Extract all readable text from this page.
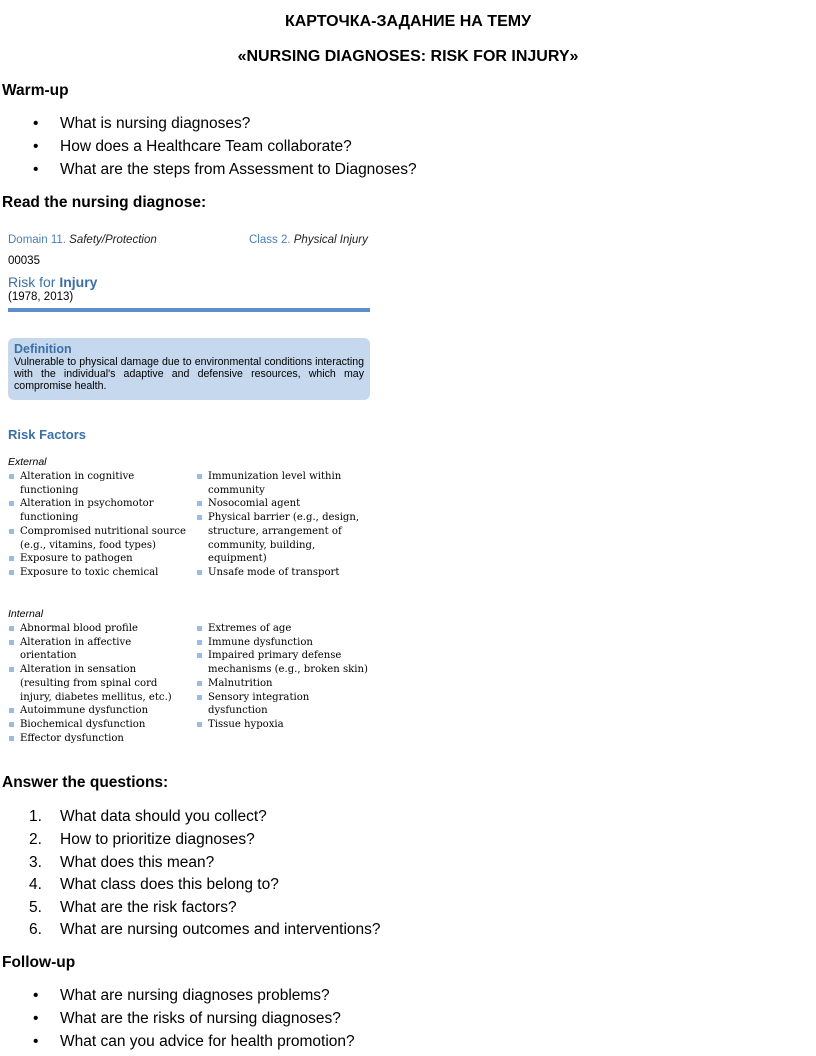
КАРТОЧКА-ЗАДАНИЕ НА ТЕМУ
«NURSING DIAGNOSES: RISK FOR INJURY»
Warm-up
• What is nursing diagnoses?
• How does a Healthcare Team collaborate?
• What are the steps from Assessment to Diagnoses?
Read the nursing diagnose:
Domain 11. Safety/Protection	Class 2. Physical Injury
00035
Risk for Injury
(1978, 2013)
Definition
Vulnerable to physical damage due to environmental conditions interacting with the individual's adaptive and defensive resources, which may compromise health.
Risk Factors
External
Alteration in cognitive functioning
Alteration in psychomotor functioning
Compromised nutritional source (e.g., vitamins, food types)
Exposure to pathogen
Exposure to toxic chemical
Immunization level within community
Nosocomial agent
Physical barrier (e.g., design, structure, arrangement of community, building, equipment)
Unsafe mode of transport
Internal
Abnormal blood profile
Alteration in affective orientation
Alteration in sensation (resulting from spinal cord injury, diabetes mellitus, etc.)
Autoimmune dysfunction
Biochemical dysfunction
Effector dysfunction
Extremes of age
Immune dysfunction
Impaired primary defense mechanisms (e.g., broken skin)
Malnutrition
Sensory integration dysfunction
Tissue hypoxia
Answer the questions:
1. What data should you collect?
2. How to prioritize diagnoses?
3. What does this mean?
4. What class does this belong to?
5. What are the risk factors?
6. What are nursing outcomes and interventions?
Follow-up
• What are nursing diagnoses problems?
• What are the risks of nursing diagnoses?
• What can you advice for health promotion?
